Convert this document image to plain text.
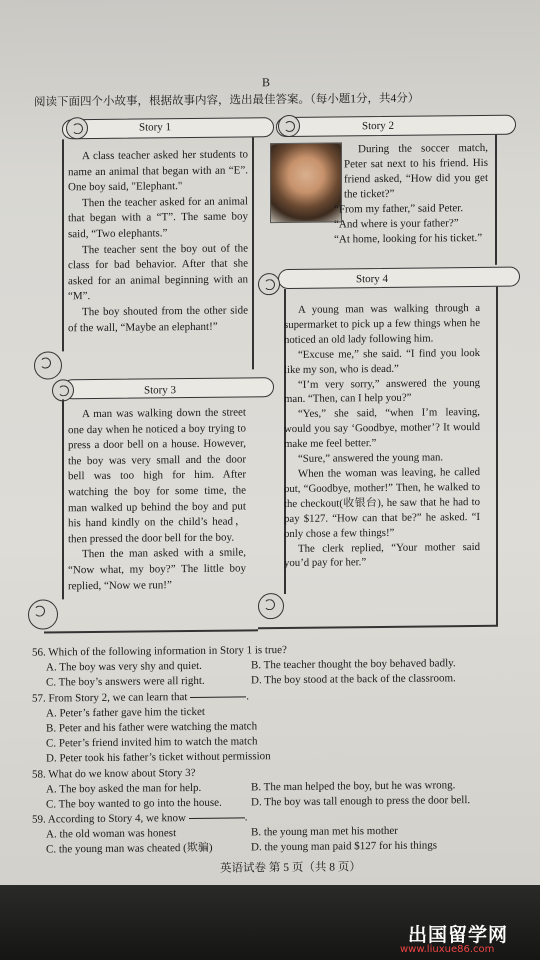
B
阅读下面四个小故事，根据故事内容，选出最佳答案。（每小题1分，共4分）
Story 1

A class teacher asked her students to name an animal that began with an “E”. One boy said, "Elephant."

Then the teacher asked for an animal that began with a “T”. The same boy said, “Two elephants.”

The teacher sent the boy out of the class for bad behavior. After that she asked for an animal beginning with an “M”.

The boy shouted from the other side of the wall, “Maybe an elephant!”

Story 2

During the soccer match, Peter sat next to his friend. His friend asked, “How did you get the ticket?”

“From my father,” said Peter.

“And where is your father?”

“At home, looking for his ticket.”

Story 4

A young man was walking through a supermarket to pick up a few things when he noticed an old lady following him.

“Excuse me,” she said. “I find you look like my son, who is dead.”

“I’m very sorry,” answered the young man. “Then, can I help you?”

“Yes,” she said, “when I’m leaving, would you say ‘Goodbye, mother’? It would make me feel better.”

“Sure,” answered the young man.

When the woman was leaving, he called out, “Goodbye, mother!” Then, he walked to the checkout(收银台), he saw that he had to pay $127. “How can that be?” he asked. “I only chose a few things!”

The clerk replied, “Your mother said you’d pay for her.”

Story 3

A man was walking down the street one day when he noticed a boy trying to press a door bell on a house. However, the boy was very small and the door bell was too high for him. After watching the boy for some time, the man walked up behind the boy and put his hand kindly on the child’s head，then pressed the door bell for the boy.

Then the man asked with a smile, “Now what, my boy?” The little boy replied, “Now we run!”

56. Which of the following information in Story 1 is true?
A. The boy was very shy and quiet.	B. The teacher thought the boy behaved badly.
C. The boy’s answers were all right.	D. The boy stood at the back of the classroom.
57. From Story 2, we can learn that	.
A. Peter’s father gave him the ticket
B. Peter and his father were watching the match
C. Peter’s friend invited him to watch the match
D. Peter took his father’s ticket without permission
58. What do we know about Story 3?
A. The boy asked the man for help.	B. The man helped the boy, but he was wrong.
C. The boy wanted to go into the house.	D. The boy was tall enough to press the door bell.
59. According to Story 4, we know	.
A. the old woman was honest	B. the young man met his mother
C. the young man was cheated (欺骗)	D. the young man paid $127 for his things
英语试卷 第 5 页（共 8 页）
出国留学网
www.liuxue86.com
